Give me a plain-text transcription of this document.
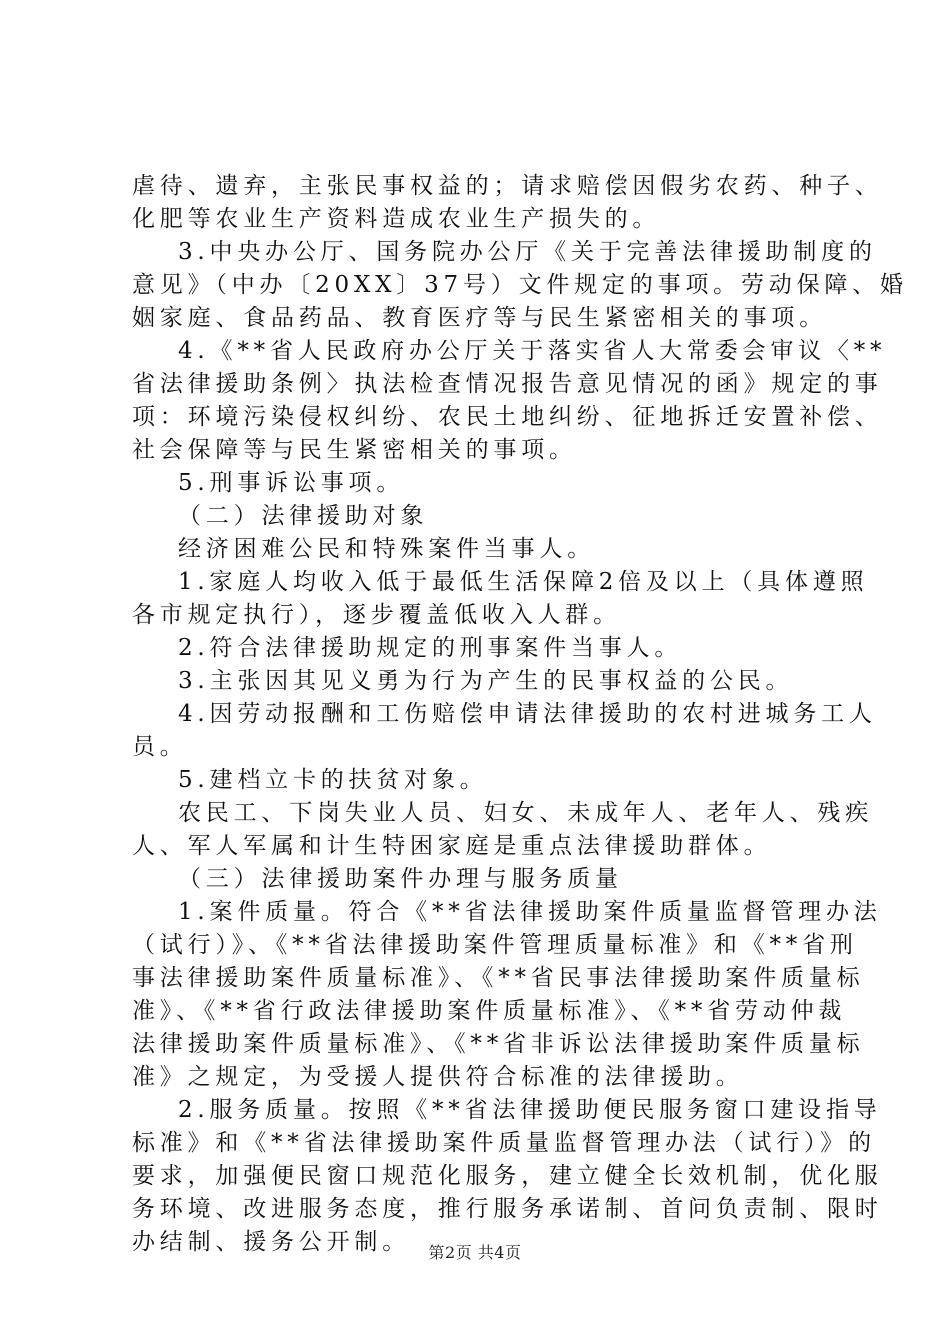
虐待、遗弃，主张民事权益的；请求赔偿因假劣农药、种子、
化肥等农业生产资料造成农业生产损失的。
3.中央办公厅、国务院办公厅《关于完善法律援助制度的
意见》（中办〔20XX〕37号）文件规定的事项。劳动保障、婚
姻家庭、食品药品、教育医疗等与民生紧密相关的事项。
4.《**省人民政府办公厅关于落实省人大常委会审议〈**
省法律援助条例〉执法检查情况报告意见情况的函》规定的事
项：环境污染侵权纠纷、农民土地纠纷、征地拆迁安置补偿、
社会保障等与民生紧密相关的事项。
5.刑事诉讼事项。
（二）法律援助对象
经济困难公民和特殊案件当事人。
1.家庭人均收入低于最低生活保障2倍及以上（具体遵照
各市规定执行），逐步覆盖低收入人群。
2.符合法律援助规定的刑事案件当事人。
3.主张因其见义勇为行为产生的民事权益的公民。
4.因劳动报酬和工伤赔偿申请法律援助的农村进城务工人
员。
5.建档立卡的扶贫对象。
农民工、下岗失业人员、妇女、未成年人、老年人、残疾
人、军人军属和计生特困家庭是重点法律援助群体。
（三）法律援助案件办理与服务质量
1.案件质量。符合《**省法律援助案件质量监督管理办法
（试行）》、《**省法律援助案件管理质量标准》和《**省刑
事法律援助案件质量标准》、《**省民事法律援助案件质量标
准》、《**省行政法律援助案件质量标准》、《**省劳动仲裁
法律援助案件质量标准》、《**省非诉讼法律援助案件质量标
准》之规定，为受援人提供符合标准的法律援助。
2.服务质量。按照《**省法律援助便民服务窗口建设指导
标准》和《**省法律援助案件质量监督管理办法（试行）》的
要求，加强便民窗口规范化服务，建立健全长效机制，优化服
务环境、改进服务态度，推行服务承诺制、首问负责制、限时
办结制、援务公开制。	第2页 共4页
